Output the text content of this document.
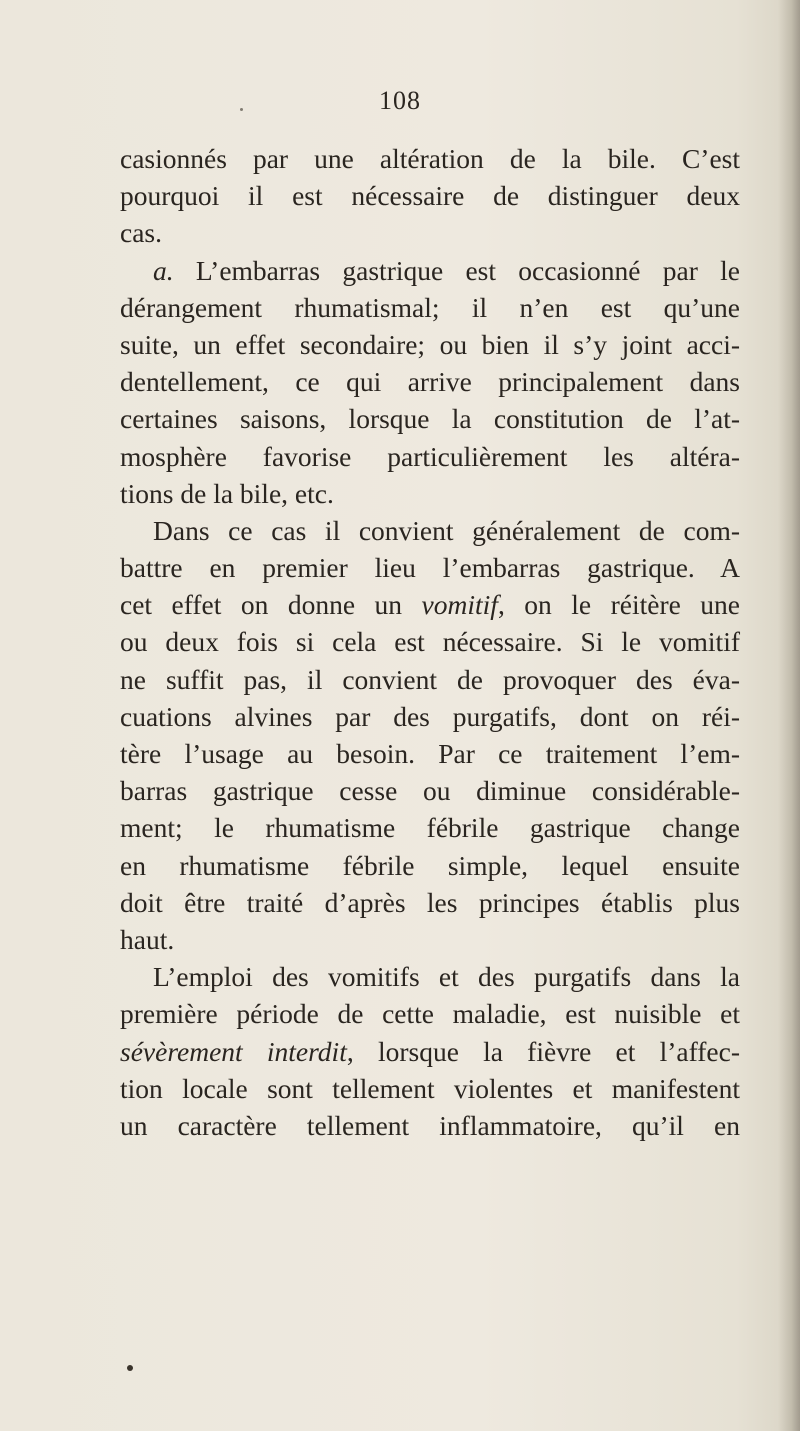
108
casionnés par une altération de la bile. C’est
pourquoi il est nécessaire de distinguer deux
cas.
a. L’embarras gastrique est occasionné par le
dérangement rhumatismal; il n’en est qu’une
suite, un effet secondaire; ou bien il s’y joint acci-
dentellement, ce qui arrive principalement dans
certaines saisons, lorsque la constitution de l’at-
mosphère favorise particulièrement les altéra-
tions de la bile, etc.
Dans ce cas il convient généralement de com-
battre en premier lieu l’embarras gastrique. A
cet effet on donne un vomitif, on le réitère une
ou deux fois si cela est nécessaire. Si le vomitif
ne suffit pas, il convient de provoquer des éva-
cuations alvines par des purgatifs, dont on réi-
tère l’usage au besoin. Par ce traitement l’em-
barras gastrique cesse ou diminue considérable-
ment; le rhumatisme fébrile gastrique change
en rhumatisme fébrile simple, lequel ensuite
doit être traité d’après les principes établis plus
haut.
L’emploi des vomitifs et des purgatifs dans la
première période de cette maladie, est nuisible et
sévèrement interdit, lorsque la fièvre et l’affec-
tion locale sont tellement violentes et manifestent
un caractère tellement inflammatoire, qu’il en
